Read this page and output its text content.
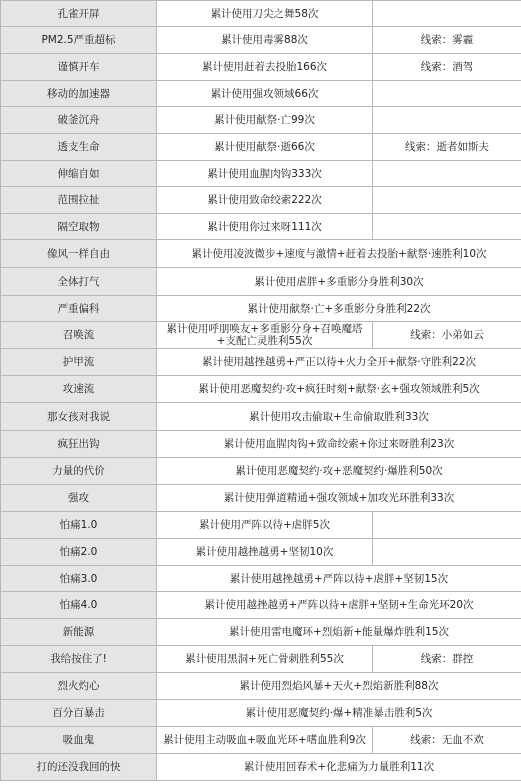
孔雀开屏	累计使用刀尖之舞58次	
PM2.5严重超标	累计使用毒雾88次	线索：雾霾
谨慎开车	累计使用赶着去投胎166次	线索：酒驾
移动的加速器	累计使用强攻领域66次	
破釜沉舟	累计使用献祭·亡99次	
透支生命	累计使用献祭·逝66次	线索：逝者如斯夫
伸缩自如	累计使用血腥肉钩333次	
范围拉扯	累计使用致命绞索222次	
隔空取物	累计使用你过来呀111次	
像风一样自由	累计使用凌波微步+速度与激情+赶着去投胎+献祭·速胜利10次	
全体打气	累计使用虐胖+多重影分身胜利30次	
严重偏科	累计使用献祭·亡+多重影分身胜利22次	
召唤流	累计使用呼朋唤友+多重影分身+召唤魔塔+支配亡灵胜利55次	线索：小弟如云
护甲流	累计使用越挫越勇+严正以待+火力全开+献祭·守胜利22次	
攻速流	累计使用恶魔契约·攻+疯狂时刻+献祭·玄+强攻领域胜利5次	
那女孩对我说	累计使用攻击偷取+生命偷取胜利33次	
疯狂出钩	累计使用血腥肉钩+致命绞索+你过来呀胜利23次	
力量的代价	累计使用恶魔契约·攻+恶魔契约·爆胜利50次	
强攻	累计使用弹道精通+强攻领域+加攻光环胜利33次	
怕痛1.0	累计使用严阵以待+虐胖5次	
怕痛2.0	累计使用越挫越勇+坚韧10次	
怕痛3.0	累计使用越挫越勇+严阵以待+虐胖+坚韧15次	
怕痛4.0	累计使用越挫越勇+严阵以待+虐胖+坚韧+生命光环20次	
新能源	累计使用雷电魔环+烈焰新+能量爆炸胜利15次	
我给按住了!	累计使用黑洞+死亡骨刺胜利55次	线索：群控
烈火灼心	累计使用烈焰风暴+天火+烈焰新胜利88次	
百分百暴击	累计使用恶魔契约·爆+精准暴击胜利5次	
吸血鬼	累计使用主动吸血+吸血光环+嗜血胜利9次	线索：无血不欢
打的还没我回的快	累计使用回春术+化悲痛为力量胜利11次	
